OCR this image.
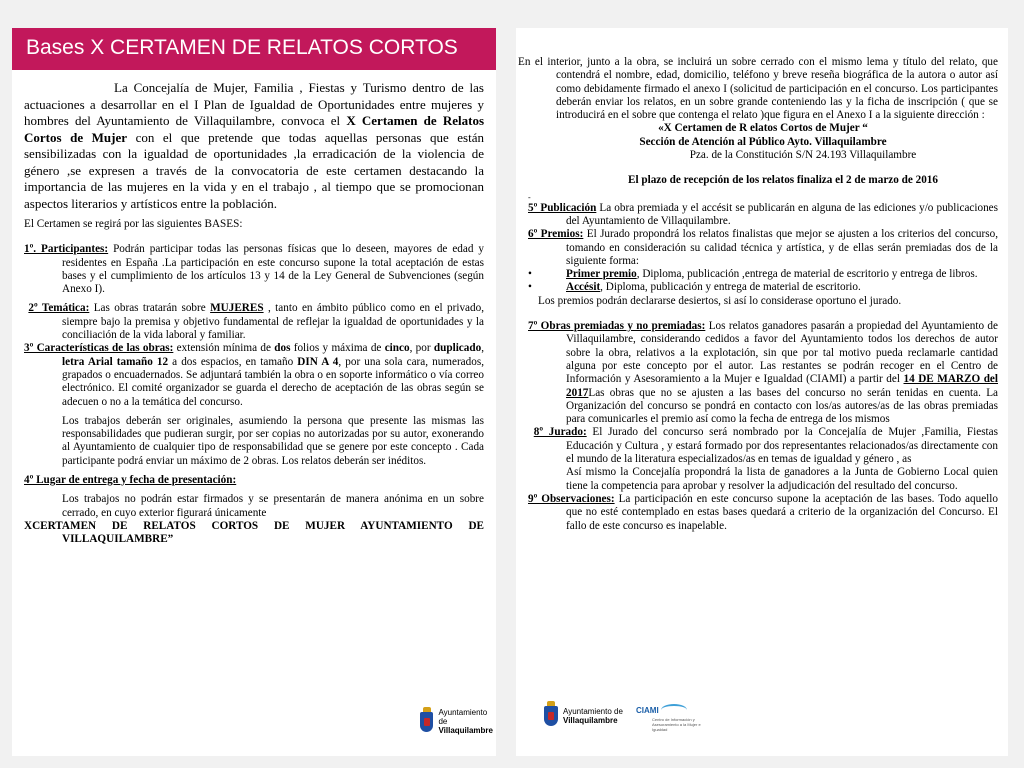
Bases X CERTAMEN DE RELATOS CORTOS

La Concejalía de Mujer, Familia , Fiestas y Turismo dentro de las actuaciones a desarrollar en el I Plan de Igualdad de Oportunidades entre mujeres y hombres del Ayuntamiento de Villaquilambre, convoca el X Certamen de Relatos Cortos de Mujer con el que pretende que todas aquellas personas que están sensibilizadas con la igualdad de oportunidades ,la erradicación de la violencia de género ,se expresen a través de la convocatoria de este certamen destacando la importancia de las mujeres en la vida y en el trabajo , al tiempo que se promocionan aspectos literarios y artísticos entre la población.

El Certamen se regirá por las siguientes BASES:

1º. Participantes: Podrán participar todas las personas físicas que lo deseen, mayores de edad y residentes en España .La participación en este concurso supone la total aceptación de estas bases y el cumplimiento de los artículos 13 y 14 de la Ley General de Subvenciones (según Anexo I).

2º Temática: Las obras tratarán sobre MUJERES , tanto en ámbito público como en el privado, siempre bajo la premisa y objetivo fundamental de reflejar la igualdad de oportunidades y la conciliación de la vida laboral y familiar.

3º Características de las obras: extensión mínima de dos folios y máxima de cinco, por duplicado, letra Arial tamaño 12 a dos espacios, en tamaño DIN A 4, por una sola cara, numerados, grapados o encuadernados. Se adjuntará también la obra o en soporte informático o vía correo electrónico. El comité organizador se guarda el derecho de aceptación de las obras según se adecuen o no a la temática del concurso.

Los trabajos deberán ser originales, asumiendo la persona que presente las mismas las responsabilidades que pudieran surgir, por ser copias no autorizadas por su autor, exonerando al Ayuntamiento de cualquier tipo de responsabilidad que se genere por este concepto . Cada participante podrá enviar un máximo de 2 obras. Los relatos deberán ser inéditos.

4º Lugar de entrega y fecha de presentación:

Los trabajos no podrán estar firmados y se presentarán de manera anónima en un sobre cerrado, en cuyo exterior figurará únicamente

XCERTAMEN DE RELATOS CORTOS DE MUJER AYUNTAMIENTO DE VILLAQUILAMBRE”

Ayuntamiento de
Villaquilambre

En el interior, junto a la obra, se incluirá un sobre cerrado con el mismo lema y título del relato, que contendrá el nombre, edad, domicilio, teléfono y breve reseña biográfica de la autora o autor así como debidamente firmado el anexo I (solicitud de participación en el concurso. Los participantes deberán enviar los relatos, en un sobre grande conteniendo las y la ficha de inscripción ( que se introducirá en el sobre que contenga el relato )que figura en el Anexo I a la siguiente dirección :

«X Certamen de R elatos Cortos de Mujer “

Sección de Atención al Público Ayto. Villaquilambre

Pza. de la Constitución S/N 24.193 Villaquilambre

El plazo de recepción de los relatos finaliza el 2 de marzo de 2016

-

5º Publicación La obra premiada y el accésit se publicarán en alguna de las ediciones y/o publicaciones del Ayuntamiento de Villaquilambre.

6º Premios: El Jurado propondrá los relatos finalistas que mejor se ajusten a los criterios del concurso, tomando en consideración su calidad técnica y artística, y de ellas serán premiadas dos de la siguiente forma:

•	Primer premio, Diploma, publicación ,entrega de material de escritorio y entrega de libros.

•	Accésit, Diploma, publicación y entrega de material de escritorio.

Los premios podrán declararse desiertos, si así lo considerase oportuno el jurado.

7º Obras premiadas y no premiadas: Los relatos ganadores pasarán a propiedad del Ayuntamiento de Villaquilambre, considerando cedidos a favor del Ayuntamiento todos los derechos de autor sobre la obra, relativos a la explotación, sin que por tal motivo pueda reclamarle cantidad alguna por este concepto por el autor. Las restantes se podrán recoger en el Centro de Información y Asesoramiento a la Mujer e Igualdad (CIAMI) a partir del 14 DE MARZO del 2017Las obras que no se ajusten a las bases del concurso no serán tenidas en cuenta. La Organización del concurso se pondrá en contacto con los/as autores/as de las obras premiadas para comunicarles el premio así como la fecha de entrega de los mismos

8º Jurado: El Jurado del concurso será nombrado por la Concejalía de Mujer ,Familia, Fiestas Educación y Cultura , y estará formado por dos representantes relacionados/as directamente con el mundo de la literatura especializados/as en temas de igualdad y género , as

Así mismo la Concejalía propondrá la lista de ganadores a la Junta de Gobierno Local quien tiene la competencia para aprobar y resolver la adjudicación del resultado del concurso.

9º Observaciones: La participación en este concurso supone la aceptación de las bases. Todo aquello que no esté contemplado en estas bases quedará a criterio de la organización del Concurso. El fallo de este concurso es inapelable.

Ayuntamiento de
Villaquilambre
CIAMI
Centro de Información y Asesoramiento a la Mujer e Igualdad
